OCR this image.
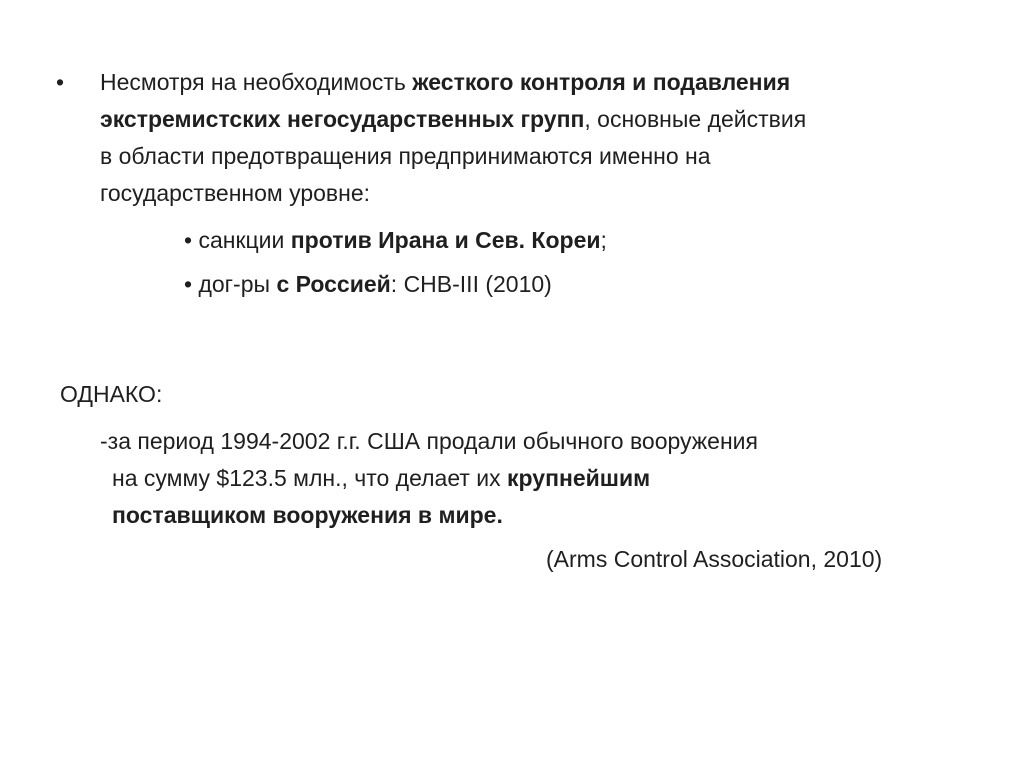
• Несмотря на необходимость жесткого контроля и подавления
экстремистских негосударственных групп, основные действия
в области предотвращения предпринимаются именно на
государственном уровне:
• санкции против Ирана и Сев. Кореи;
• дог-ры с Россией: СНВ-III (2010)
ОДНАКО:
-за период 1994-2002 г.г. США продали обычного вооружения
на сумму $123.5 млн., что делает их крупнейшим
поставщиком вооружения в мире.
(Arms Control Association, 2010)
